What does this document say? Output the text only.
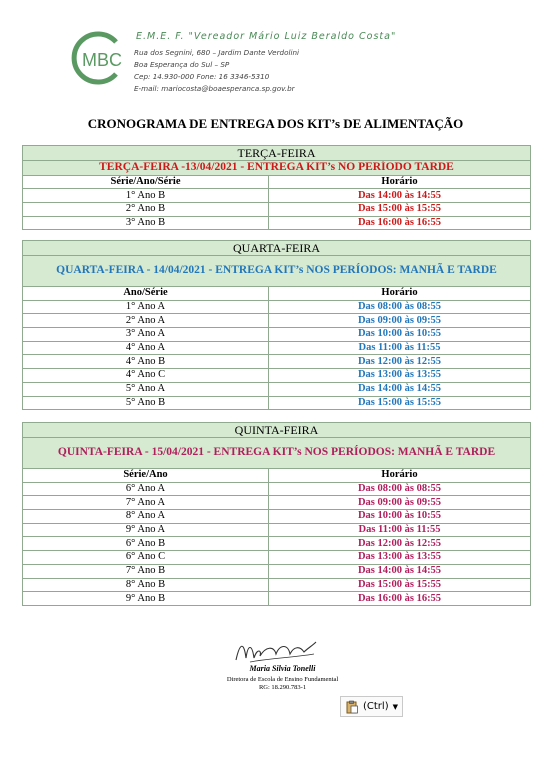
MBC
E.M.E. F. "Vereador Mário Luiz Beraldo Costa"
Rua dos Segnini, 680 – Jardim Dante Verdolini
Boa Esperança do Sul – SP
Cep: 14.930-000 Fone: 16 3346-5310
E-mail: mariocosta@boaesperanca.sp.gov.br
CRONOGRAMA DE ENTREGA DOS KIT’s DE ALIMENTAÇÃO
TERÇA-FEIRA	
TERÇA-FEIRA -13/04/2021 - ENTREGA KIT’s NO PERÍODO TARDE	
Série/Ano/Série	Horário
1° Ano B	Das 14:00 às 14:55
2° Ano B	Das 15:00 às 15:55
3° Ano B	Das 16:00 às 16:55
QUARTA-FEIRA	
QUARTA-FEIRA - 14/04/2021 - ENTREGA KIT’s NOS PERÍODOS: MANHÃ E TARDE	
Ano/Série	Horário
1° Ano A	Das 08:00 às 08:55
2° Ano A	Das 09:00 às 09:55
3° Ano A	Das 10:00 às 10:55
4° Ano A	Das 11:00 às 11:55
4° Ano B	Das 12:00 às 12:55
4° Ano C	Das 13:00 às 13:55
5° Ano A	Das 14:00 às 14:55
5° Ano B	Das 15:00 às 15:55
QUINTA-FEIRA	
QUINTA-FEIRA - 15/04/2021 - ENTREGA KIT’s NOS PERÍODOS: MANHÃ E TARDE	
Série/Ano	Horário
6° Ano A	Das 08:00 às 08:55
7° Ano A	Das 09:00 às 09:55
8° Ano A	Das 10:00 às 10:55
9° Ano A	Das 11:00 às 11:55
6° Ano B	Das 12:00 às 12:55
6° Ano C	Das 13:00 às 13:55
7° Ano B	Das 14:00 às 14:55
8° Ano B	Das 15:00 às 15:55
9° Ano B	Das 16:00 às 16:55
Maria Silvia Tonelli
Diretora de Escola de Ensino Fundamental
RG: 18.290.783-1
(Ctrl) ▼
